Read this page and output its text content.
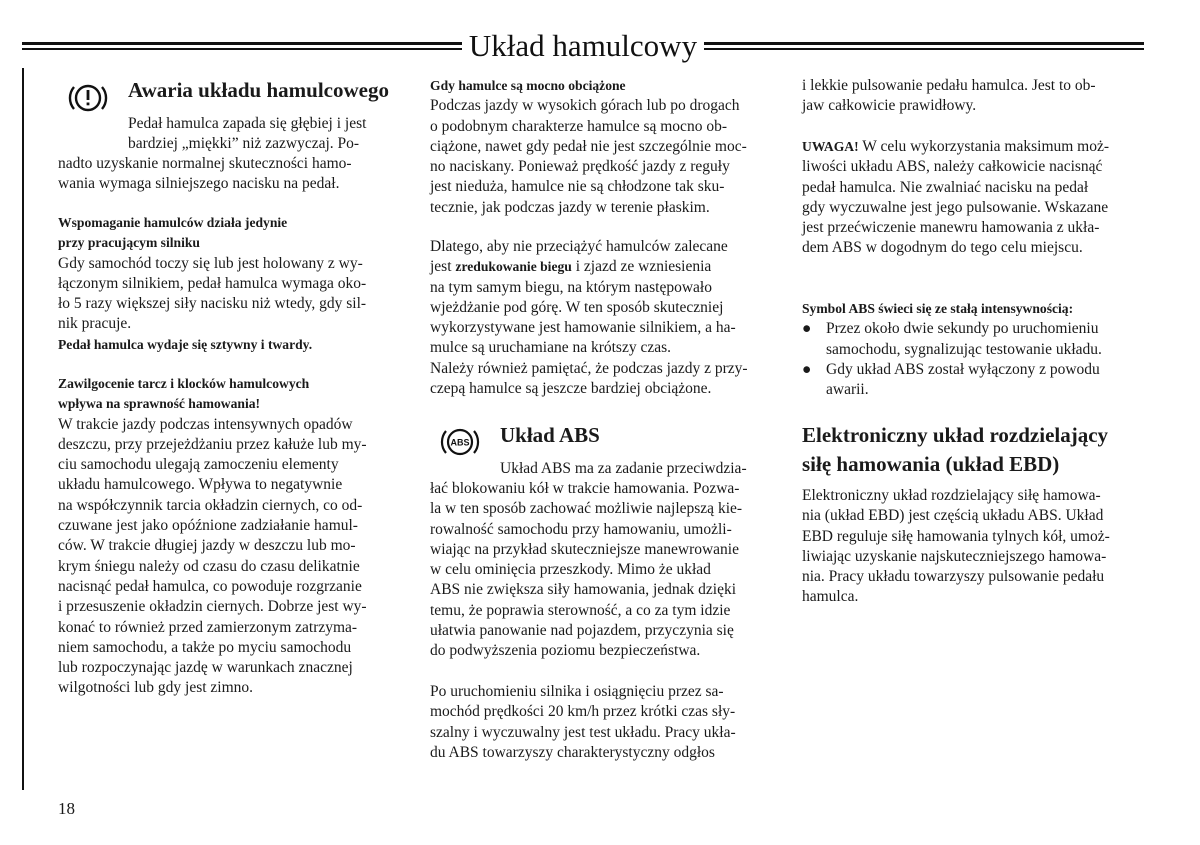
Układ hamulcowy
Awaria układu hamulcowego

Pedał hamulca zapada się głębiej i jest

bardziej „miękki” niż zazwyczaj. Po-

nadto uzyskanie normalnej skuteczności hamo-

wania wymaga silniejszego nacisku na pedał.

Wspomaganie hamulców działa jedynie

przy pracującym silniku

Gdy samochód toczy się lub jest holowany z wy-

łączonym silnikiem, pedał hamulca wymaga oko-

ło 5 razy większej siły nacisku niż wtedy, gdy sil-

nik pracuje.

Pedał hamulca wydaje się sztywny i twardy.

Zawilgocenie tarcz i klocków hamulcowych

wpływa na sprawność hamowania!

W trakcie jazdy podczas intensywnych opadów

deszczu, przy przejeżdżaniu przez kałuże lub my-

ciu samochodu ulegają zamoczeniu elementy

układu hamulcowego. Wpływa to negatywnie

na współczynnik tarcia okładzin ciernych, co od-

czuwane jest jako opóźnione zadziałanie hamul-

ców. W trakcie długiej jazdy w deszczu lub mo-

krym śniegu należy od czasu do czasu delikatnie

nacisnąć pedał hamulca, co powoduje rozgrzanie

i przesuszenie okładzin ciernych. Dobrze jest wy-

konać to również przed zamierzonym zatrzyma-

niem samochodu, a także po myciu samochodu

lub rozpoczynając jazdę w warunkach znacznej

wilgotności lub gdy jest zimno.

Gdy hamulce są mocno obciążone

Podczas jazdy w wysokich górach lub po drogach

o podobnym charakterze hamulce są mocno ob-

ciążone, nawet gdy pedał nie jest szczególnie moc-

no naciskany. Ponieważ prędkość jazdy z reguły

jest nieduża, hamulce nie są chłodzone tak sku-

tecznie, jak podczas jazdy w terenie płaskim.

Dlatego, aby nie przeciążyć hamulców zalecane

jest zredukowanie biegu i zjazd ze wzniesienia

na tym samym biegu, na którym następowało

wjeżdżanie pod górę. W ten sposób skuteczniej

wykorzystywane jest hamowanie silnikiem, a ha-

mulce są uruchamiane na krótszy czas.

Należy również pamiętać, że podczas jazdy z przy-

czepą hamulce są jeszcze bardziej obciążone.

ABS Układ ABS

Układ ABS ma za zadanie przeciwdzia-

łać blokowaniu kół w trakcie hamowania. Pozwa-

la w ten sposób zachować możliwie najlepszą kie-

rowalność samochodu przy hamowaniu, umożli-

wiając na przykład skuteczniejsze manewrowanie

w celu ominięcia przeszkody. Mimo że układ

ABS nie zwiększa siły hamowania, jednak dzięki

temu, że poprawia sterowność, a co za tym idzie

ułatwia panowanie nad pojazdem, przyczynia się

do podwyższenia poziomu bezpieczeństwa.

Po uruchomieniu silnika i osiągnięciu przez sa-

mochód prędkości 20 km/h przez krótki czas sły-

szalny i wyczuwalny jest test układu. Pracy ukła-

du ABS towarzyszy charakterystyczny odgłos

i lekkie pulsowanie pedału hamulca. Jest to ob-

jaw całkowicie prawidłowy.

UWAGA! W celu wykorzystania maksimum moż-

liwości układu ABS, należy całkowicie nacisnąć

pedał hamulca. Nie zwalniać nacisku na pedał

gdy wyczuwalne jest jego pulsowanie. Wskazane

jest przećwiczenie manewru hamowania z ukła-

dem ABS w dogodnym do tego celu miejscu.

Symbol ABS świeci się ze stałą intensywnością:

● Przez około dwie sekundy po uruchomieniu

samochodu, sygnalizując testowanie układu.

● Gdy układ ABS został wyłączony z powodu

awarii.

Elektroniczny układ rozdzielający

siłę hamowania (układ EBD)

Elektroniczny układ rozdzielający siłę hamowa-

nia (układ EBD) jest częścią układu ABS. Układ

EBD reguluje siłę hamowania tylnych kół, umoż-

liwiając uzyskanie najskuteczniejszego hamowa-

nia. Pracy układu towarzyszy pulsowanie pedału

hamulca.

18
